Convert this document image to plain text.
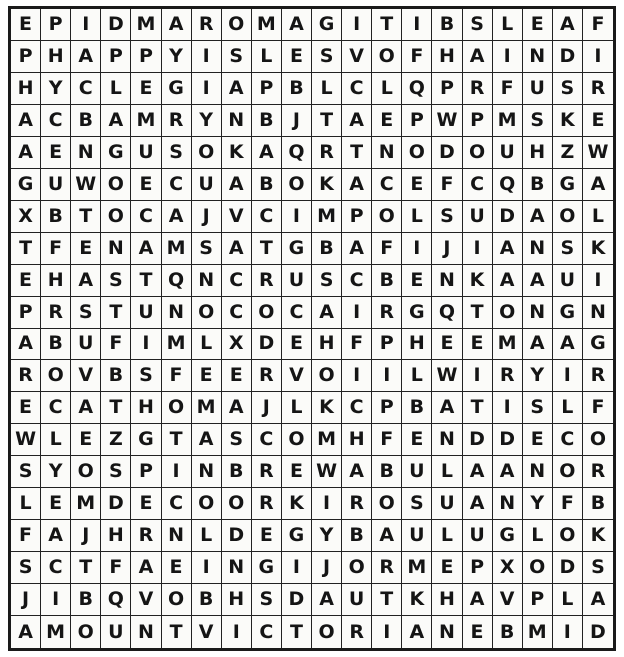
E P	I D M A R O M A G I	T	I	B S L E A F
P H A P P Y	I	S L E S V O F H A	I N D	I
H Y C L E G I	A P B L C L Q P R F U S R
A C B A M R Y N B	J	T A E P W P M S K E
A E N G U S O K A Q R T N O D O U H Z W
G U W O E C U A B O K A C E F C Q B G A
X B T O C A	J	V C	I M P O L S U D A O L
T F E N A M S A T G B A F	I	J	I	A N S K
E H A S T Q N C R U S C B E N K A A U	I
P R S T U N O C O C A	I	R G Q T O N G N
A B U F	I M L X D E H F P H E E M A A G
R O V B S F E E R V O I	I	L W I	R Y	I	R
E C A T H O M A	J	L K C P B A T	I	S L F
W L E Z G T A S C O M H F E N D D E C O
S Y O S P	I N B R E W A B U L A A N O R
L E M D E C O O R K	I	R O S U A N Y F B
F A	J H R N L D E G Y B A U L U G L O K
S C T F A E	I N G I	J O R M E P X O D S
J	I	B Q V O B H S D A U T K H A V P L A
A M O U N T V	I	C T O R	I	A N E B M I	D
